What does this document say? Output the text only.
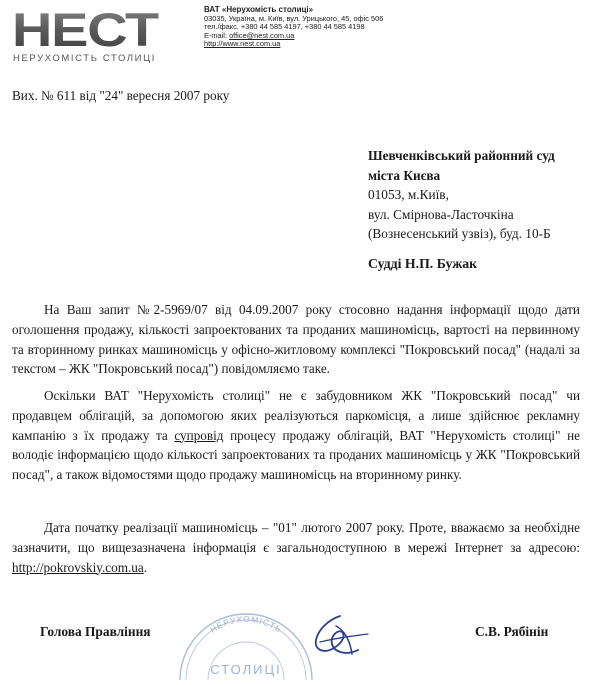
НЕСТ
НЕРУХОМІСТЬ СТОЛИЦІ
ВАТ «Нерухомість столиці»
03035, Україна, м. Київ, вул. Урицького, 45, офіс 506
тел./факс. +380 44 585 4197, +380 44 585 4198
E-mail: office@nest.com.ua
http://www.nest.com.ua
Вих. № 611 від "24" вересня 2007 року
Шевченківський районний суд
міста Києва
01053, м.Київ,
вул. Смірнова-Ласточкіна
(Вознесенський узвіз), буд. 10-Б
Судді Н.П. Бужак

На Ваш запит №2-5969/07 від 04.09.2007 року стосовно надання інформації щодо дати оголошення продажу, кількості запроектованих та проданих машиномісць, вартості на первинному та вторинному ринках машиномісць у офісно-житловому комплексі "Покровський посад" (надалі за текстом – ЖК "Покровський посад") повідомляємо таке.

Оскільки ВАТ "Нерухомість столиці" не є забудовником ЖК "Покровський посад" чи продавцем облігацій, за допомогою яких реалізуються паркомісця, а лише здійснює рекламну кампанію з їх продажу та супровід процесу продажу облігацій, ВАТ "Нерухомість столиці" не володіє інформацією щодо кількості запроектованих та проданих машиномісць у ЖК "Покровський посад", а також відомостями щодо продажу машиномісць на вторинному ринку.

Дата початку реалізації машиномісць – "01" лютого 2007 року. Проте, вважаємо за необхідне зазначити, що вищезазначена інформація є загальнодоступною в мережі Інтернет за адресою: http://pokrovskiy.com.ua.

НЕРУХОМІСТЬ
СТОЛИЦІ
Голова Правління	С.В. Рябінін
